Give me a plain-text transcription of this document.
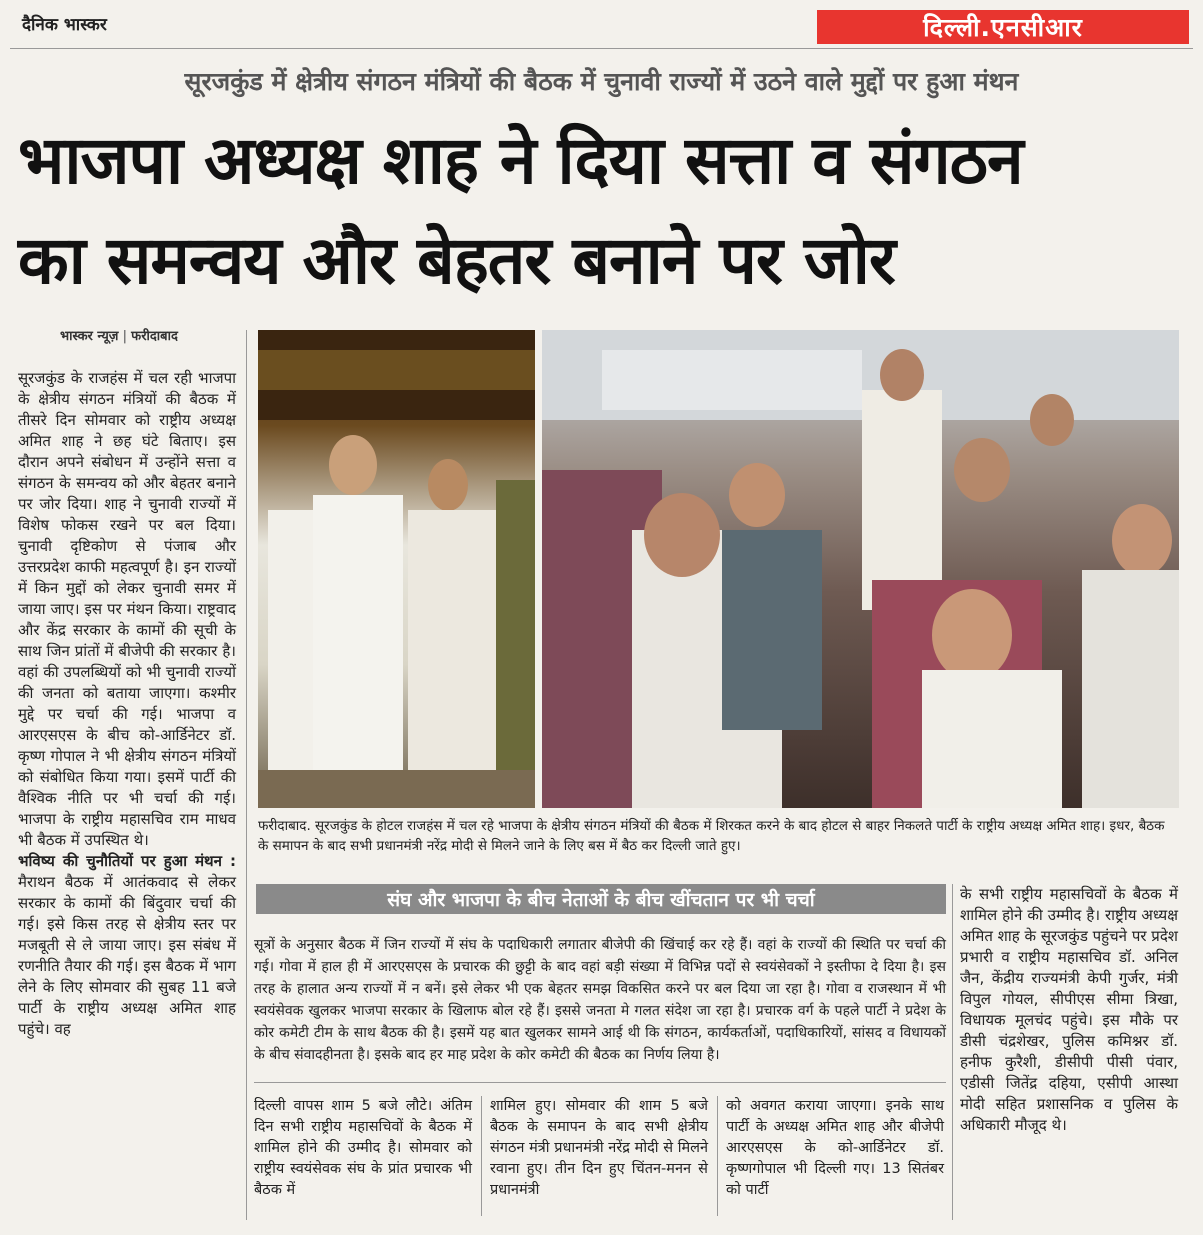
दैनिक भास्कर	दिल्ली.एनसीआर
सूरजकुंड में क्षेत्रीय संगठन मंत्रियों की बैठक में चुनावी राज्यों में उठने वाले मुद्दों पर हुआ मंथन
भाजपा अध्यक्ष शाह ने दिया सत्ता व संगठन
का समन्वय और बेहतर बनाने पर जोर
भास्कर न्यूज़ | फरीदाबाद

सूरजकुंड के राजहंस में चल रही भाजपा के क्षेत्रीय संगठन मंत्रियों की बैठक में तीसरे दिन सोमवार को राष्ट्रीय अध्यक्ष अमित शाह ने छह घंटे बिताए। इस दौरान अपने संबोधन में उन्होंने सत्ता व संगठन के समन्वय को और बेहतर बनाने पर जोर दिया। शाह ने चुनावी राज्यों में विशेष फोकस रखने पर बल दिया। चुनावी दृष्टिकोण से पंजाब और उत्तरप्रदेश काफी महत्वपूर्ण है। इन राज्यों में किन मुद्दों को लेकर चुनावी समर में जाया जाए। इस पर मंथन किया। राष्ट्रवाद और केंद्र सरकार के कामों की सूची के साथ जिन प्रांतों में बीजेपी की सरकार है। वहां की उपलब्धियों को भी चुनावी राज्यों की जनता को बताया जाएगा। कश्मीर मुद्दे पर चर्चा की गई। भाजपा व आरएसएस के बीच को-आर्डिनेटर डॉ. कृष्ण गोपाल ने भी क्षेत्रीय संगठन मंत्रियों को संबोधित किया गया। इसमें पार्टी की वैश्विक नीति पर भी चर्चा की गई। भाजपा के राष्ट्रीय महासचिव राम माधव भी बैठक में उपस्थित थे।

भविष्य की चुनौतियों पर हुआ मंथन : मैराथन बैठक में आतंकवाद से लेकर सरकार के कामों की बिंदुवार चर्चा की गई। इसे किस तरह से क्षेत्रीय स्तर पर मजबूती से ले जाया जाए। इस संबंध में रणनीति तैयार की गई। इस बैठक में भाग लेने के लिए सोमवार की सुबह 11 बजे पार्टी के राष्ट्रीय अध्यक्ष अमित शाह पहुंचे। वह

फरीदाबाद. सूरजकुंड के होटल राजहंस में चल रहे भाजपा के क्षेत्रीय संगठन मंत्रियों की बैठक में शिरकत करने के बाद होटल से बाहर निकलते पार्टी के राष्ट्रीय अध्यक्ष अमित शाह। इधर, बैठक के समापन के बाद सभी प्रधानमंत्री नरेंद्र मोदी से मिलने जाने के लिए बस में बैठ कर दिल्ली जाते हुए।
संघ और भाजपा के बीच नेताओं के बीच खींचतान पर भी चर्चा
सूत्रों के अनुसार बैठक में जिन राज्यों में संघ के पदाधिकारी लगातार बीजेपी की खिंचाई कर रहे हैं। वहां के राज्यों की स्थिति पर चर्चा की गई। गोवा में हाल ही में आरएसएस के प्रचारक की छुट्टी के बाद वहां बड़ी संख्या में विभिन्न पदों से स्वयंसेवकों ने इस्तीफा दे दिया है। इस तरह के हालात अन्य राज्यों में न बनें। इसे लेकर भी एक बेहतर समझ विकसित करने पर बल दिया जा रहा है। गोवा व राजस्थान में भी स्वयंसेवक खुलकर भाजपा सरकार के खिलाफ बोल रहे हैं। इससे जनता मे गलत संदेश जा रहा है। प्रचारक वर्ग के पहले पार्टी ने प्रदेश के कोर कमेटी टीम के साथ बैठक की है। इसमें यह बात खुलकर सामने आई थी कि संगठन, कार्यकर्ताओं, पदाधिकारियों, सांसद व विधायकों के बीच संवादहीनता है। इसके बाद हर माह प्रदेश के कोर कमेटी की बैठक का निर्णय लिया है।
के सभी राष्ट्रीय महासचिवों के बैठक में शामिल होने की उम्मीद है। राष्ट्रीय अध्यक्ष अमित शाह के सूरजकुंड पहुंचने पर प्रदेश प्रभारी व राष्ट्रीय महासचिव डॉ. अनिल जैन, केंद्रीय राज्यमंत्री केपी गुर्जर, मंत्री विपुल गोयल, सीपीएस सीमा त्रिखा, विधायक मूलचंद पहुंचे। इस मौके पर डीसी चंद्रशेखर, पुलिस कमिश्नर डॉ. हनीफ कुरैशी, डीसीपी पीसी पंवार, एडीसी जितेंद्र दहिया, एसीपी आस्था मोदी सहित प्रशासनिक व पुलिस के अधिकारी मौजूद थे।
दिल्ली वापस शाम 5 बजे लौटे। अंतिम दिन सभी राष्ट्रीय महासचिवों के बैठक में शामिल होने की उम्मीद है। सोमवार को राष्ट्रीय स्वयंसेवक संघ के प्रांत प्रचारक भी बैठक में
शामिल हुए। सोमवार की शाम 5 बजे बैठक के समापन के बाद सभी क्षेत्रीय संगठन मंत्री प्रधानमंत्री नरेंद्र मोदी से मिलने रवाना हुए। तीन दिन हुए चिंतन-मनन से प्रधानमंत्री
को अवगत कराया जाएगा। इनके साथ पार्टी के अध्यक्ष अमित शाह और बीजेपी आरएसएस के को-आर्डिनेटर डॉ. कृष्णगोपाल भी दिल्ली गए। 13 सितंबर को पार्टी
